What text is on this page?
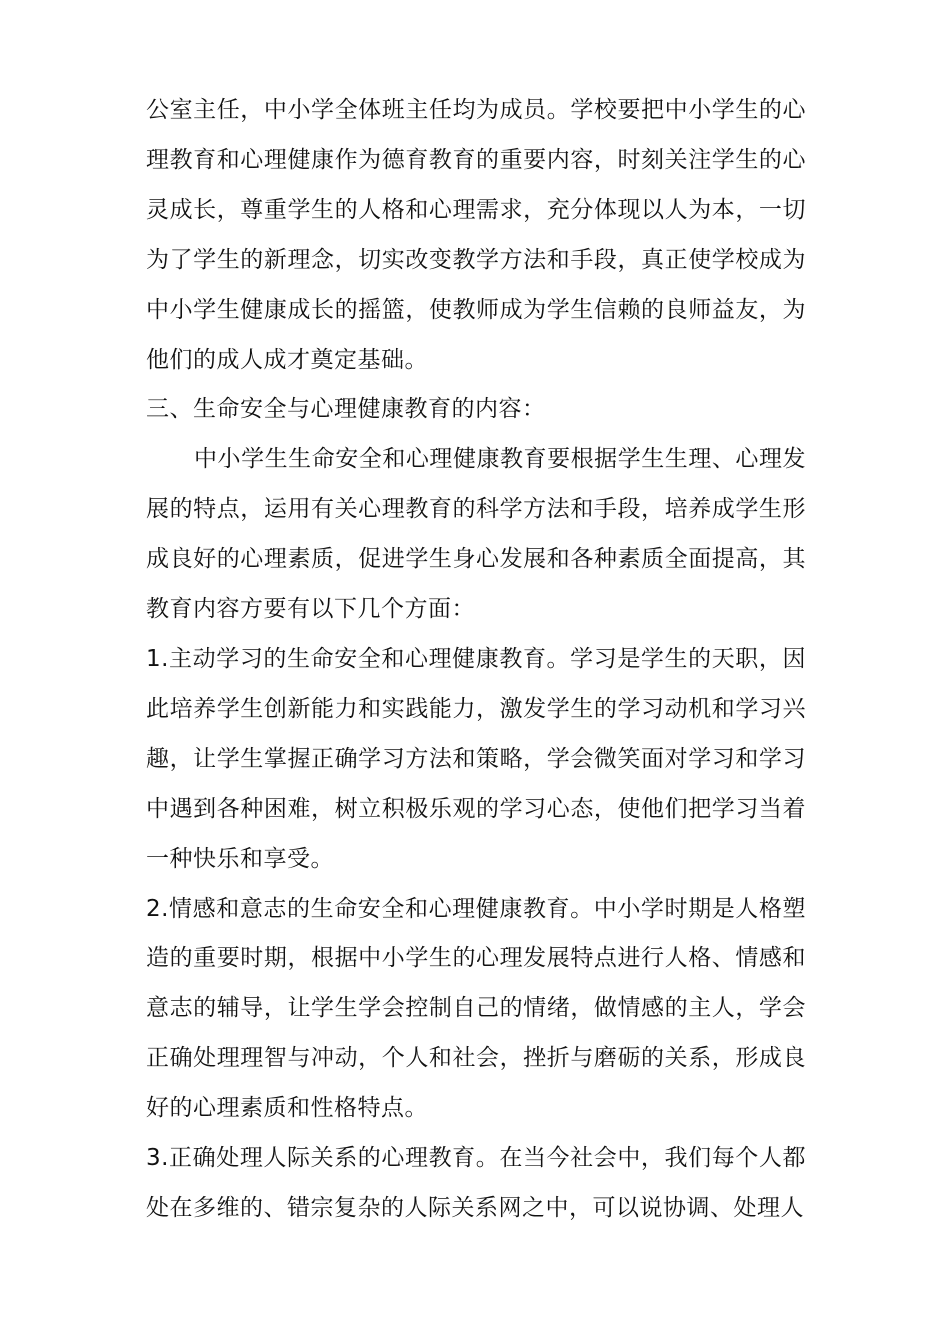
公室主任，中小学全体班主任均为成员。学校要把中小学生的心理教育和心理健康作为德育教育的重要内容，时刻关注学生的心灵成长，尊重学生的人格和心理需求，充分体现以人为本，一切为了学生的新理念，切实改变教学方法和手段，真正使学校成为中小学生健康成长的摇篮，使教师成为学生信赖的良师益友，为他们的成人成才奠定基础。

三、生命安全与心理健康教育的内容：

中小学生生命安全和心理健康教育要根据学生生理、心理发展的特点，运用有关心理教育的科学方法和手段，培养成学生形成良好的心理素质，促进学生身心发展和各种素质全面提高，其教育内容方要有以下几个方面：

1.主动学习的生命安全和心理健康教育。学习是学生的天职，因此培养学生创新能力和实践能力，激发学生的学习动机和学习兴趣，让学生掌握正确学习方法和策略，学会微笑面对学习和学习中遇到各种困难，树立积极乐观的学习心态，使他们把学习当着一种快乐和享受。

2.情感和意志的生命安全和心理健康教育。中小学时期是人格塑造的重要时期，根据中小学生的心理发展特点进行人格、情感和意志的辅导，让学生学会控制自己的情绪，做情感的主人，学会正确处理理智与冲动，个人和社会，挫折与磨砺的关系，形成良好的心理素质和性格特点。

3.正确处理人际关系的心理教育。在当今社会中，我们每个人都处在多维的、错宗复杂的人际关系网之中，可以说协调、处理人
